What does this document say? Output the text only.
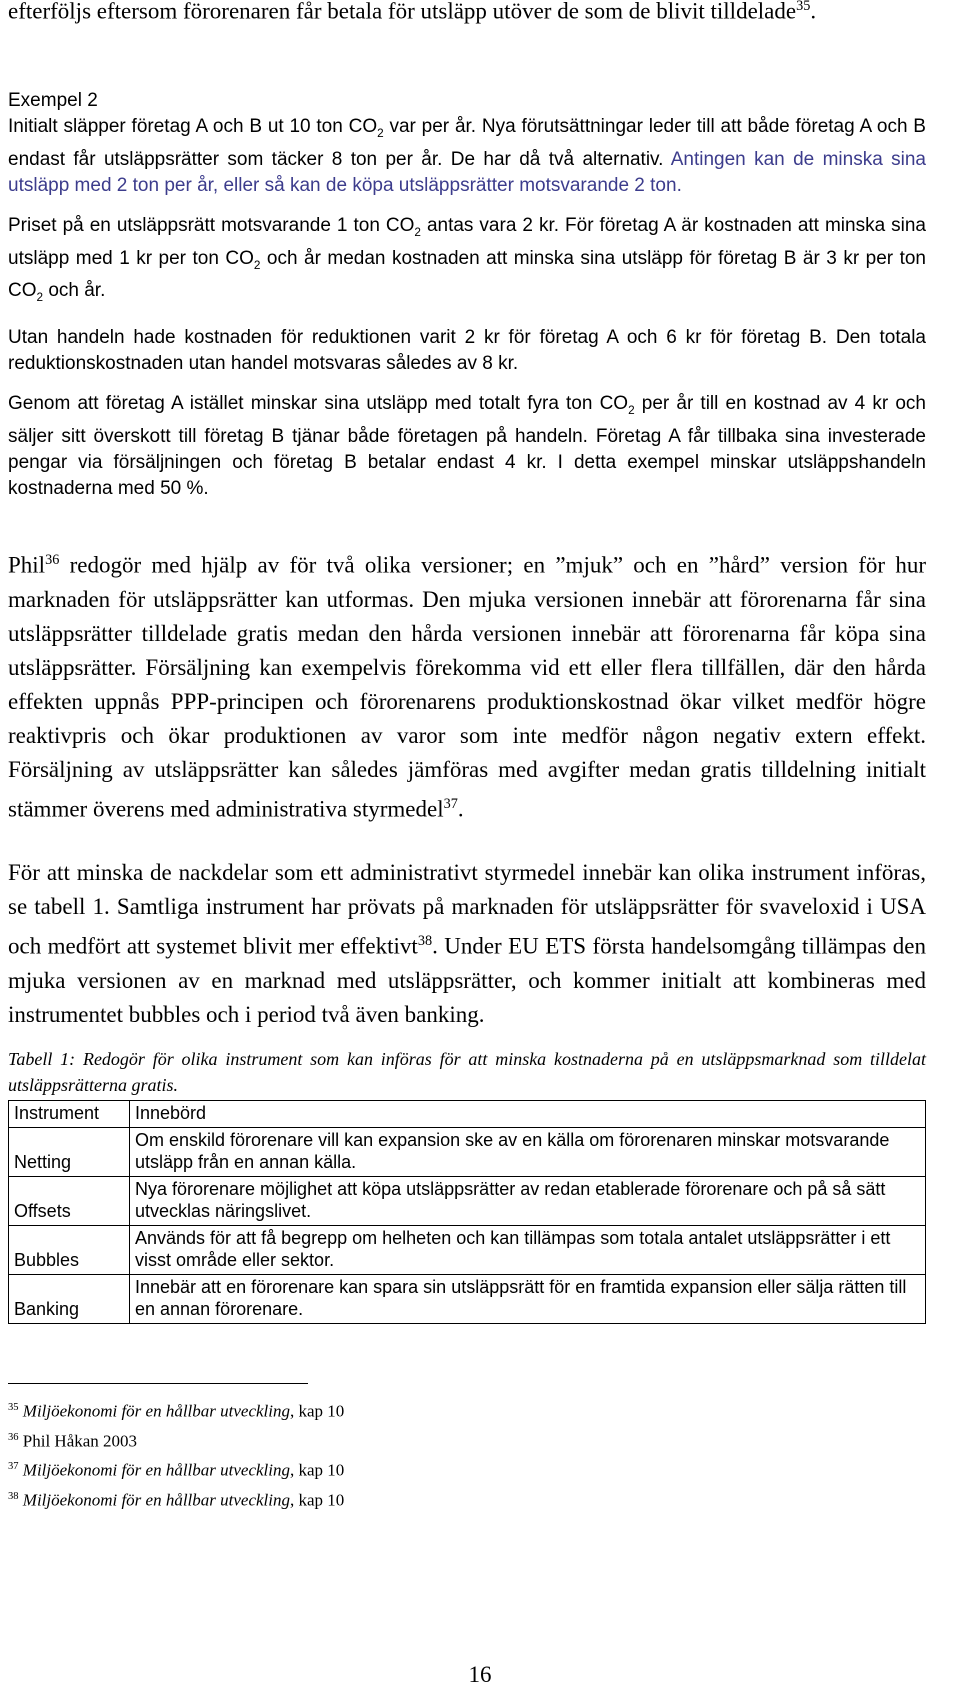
efterföljs eftersom förorenaren får betala för utsläpp utöver de som de blivit tilldelade$^{35}$.

Exempel 2

Initialt släpper företag A och B ut 10 ton $CO_2$ var per år. Nya förutsättningar leder till att både företag A och B endast får utsläppsrätter som täcker 8 ton per år. De har då två alternativ. Antingen kan de minska sina utsläpp med 2 ton per år, eller så kan de köpa utsläppsrätter motsvarande 2 ton.

Priset på en utsläppsrätt motsvarande 1 ton $CO_2$ antas vara 2 kr. För företag A är kostnaden att minska sina utsläpp med 1 kr per ton $CO_2$ och år medan kostnaden att minska sina utsläpp för företag B är 3 kr per ton $CO_2$ och år.

Utan handeln hade kostnaden för reduktionen varit 2 kr för företag A och 6 kr för företag B. Den totala reduktionskostnaden utan handel motsvaras således av 8 kr.

Genom att företag A istället minskar sina utsläpp med totalt fyra ton $CO_2$ per år till en kostnad av 4 kr och säljer sitt överskott till företag B tjänar både företagen på handeln. Företag A får tillbaka sina investerade pengar via försäljningen och företag B betalar endast 4 kr. I detta exempel minskar utsläppshandeln kostnaderna med 50 %.

Phil$^{36}$ redogör med hjälp av för två olika versioner; en ”mjuk” och en ”hård” version för hur marknaden för utsläppsrätter kan utformas. Den mjuka versionen innebär att förorenarna får sina utsläppsrätter tilldelade gratis medan den hårda versionen innebär att förorenarna får köpa sina utsläppsrätter. Försäljning kan exempelvis förekomma vid ett eller flera tillfällen, där den hårda effekten uppnås PPP-principen och förorenarens produktionskostnad ökar vilket medför högre reaktivpris och ökar produktionen av varor som inte medför någon negativ extern effekt. Försäljning av utsläppsrätter kan således jämföras med avgifter medan gratis tilldelning initialt stämmer överens med administrativa styrmedel$^{37}$.

För att minska de nackdelar som ett administrativt styrmedel innebär kan olika instrument införas, se tabell 1. Samtliga instrument har prövats på marknaden för utsläppsrätter för svaveloxid i USA och medfört att systemet blivit mer effektivt$^{38}$. Under EU ETS första handelsomgång tillämpas den mjuka versionen av en marknad med utsläppsrätter, och kommer initialt att kombineras med instrumentet bubbles och i period två även banking.

Tabell 1: Redogör för olika instrument som kan införas för att minska kostnaderna på en utsläppsmarknad som tilldelat utsläppsrätterna gratis.

Instrument	Innebörd
Netting	Om enskild förorenare vill kan expansion ske av en källa om förorenaren minskar motsvarande utsläpp från en annan källa.
Offsets	Nya förorenare möjlighet att köpa utsläppsrätter av redan etablerade förorenare och på så sätt utvecklas näringslivet.
Bubbles	Används för att få begrepp om helheten och kan tillämpas som totala antalet utsläppsrätter i ett visst område eller sektor.
Banking	Innebär att en förorenare kan spara sin utsläppsrätt för en framtida expansion eller sälja rätten till en annan förorenare.
$^{35}$ Miljöekonomi för en hållbar utveckling, kap 10
$^{36}$ Phil Håkan 2003
$^{37}$ Miljöekonomi för en hållbar utveckling, kap 10
$^{38}$ Miljöekonomi för en hållbar utveckling, kap 10
16
